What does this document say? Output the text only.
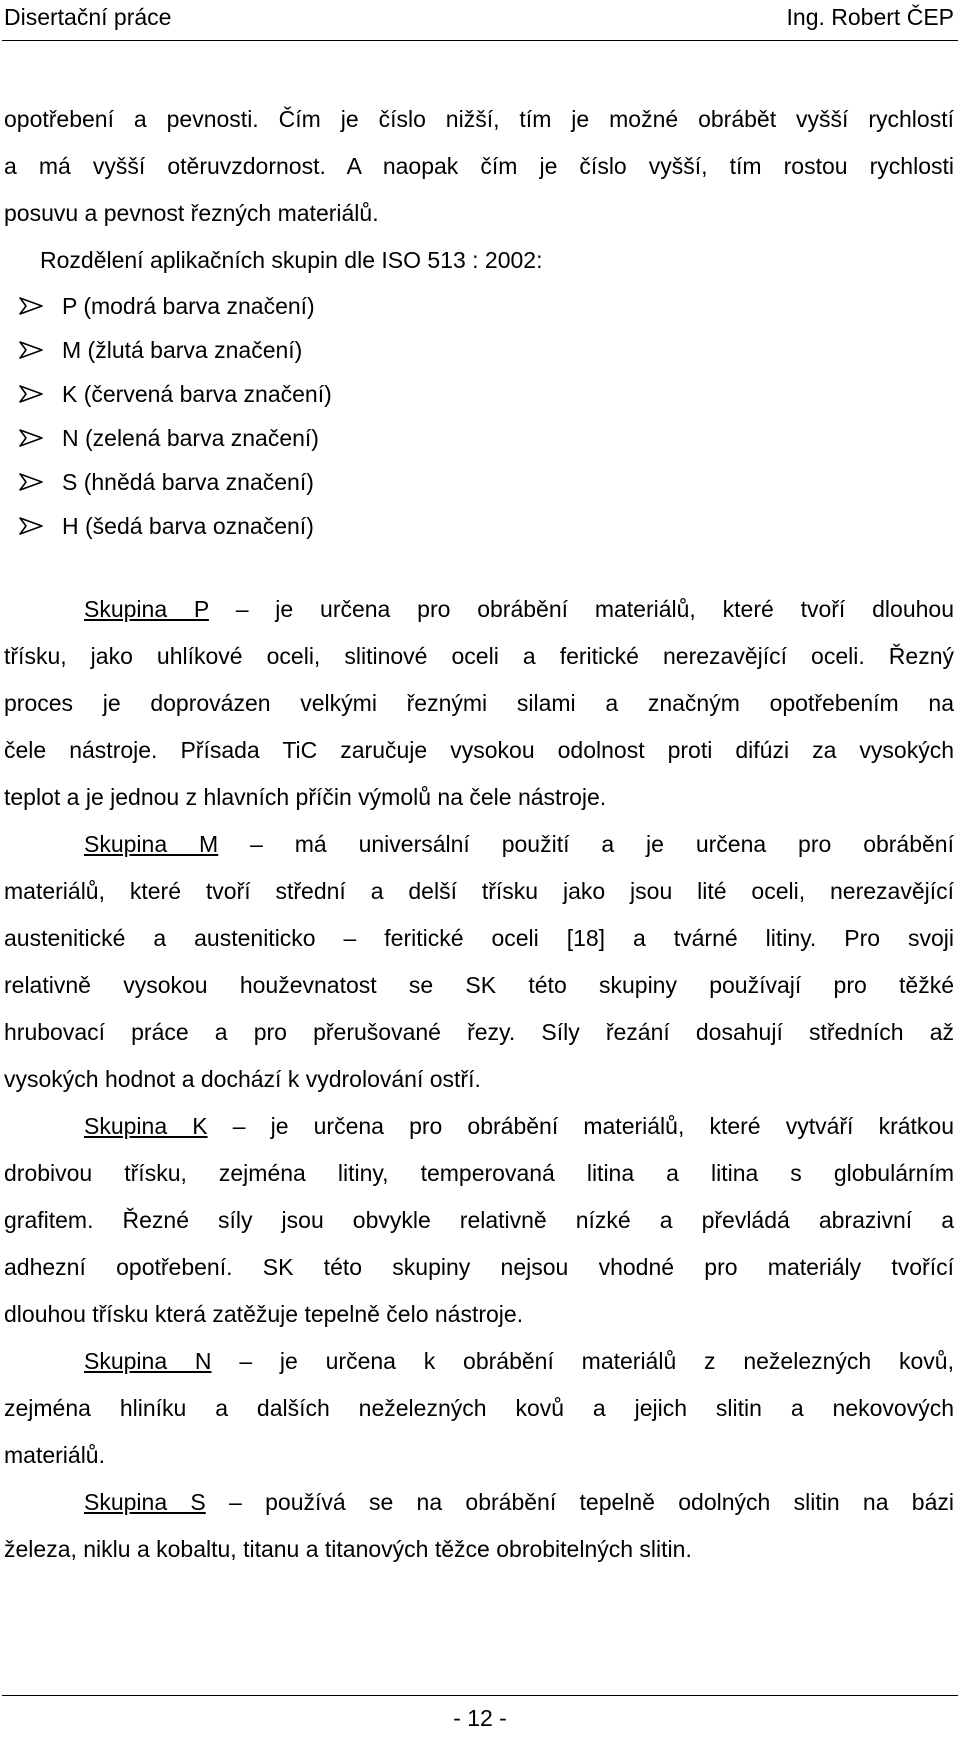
Disertační práce	Ing. Robert ČEP
opotřebení a pevnosti. Čím je číslo nižší, tím je možné obrábět vyšší rychlostí
a má vyšší otěruvzdornost. A naopak čím je číslo vyšší, tím rostou rychlosti
posuvu a pevnost řezných materiálů.
Rozdělení aplikačních skupin dle ISO 513 : 2002:
P (modrá barva značení)
M (žlutá barva značení)
K (červená barva značení)
N (zelená barva značení)
S (hnědá barva značení)
H (šedá barva označení)
Skupina P – je určena pro obrábění materiálů, které tvoří dlouhou
třísku, jako uhlíkové oceli, slitinové oceli a feritické nerezavějící oceli. Řezný
proces je doprovázen velkými řeznými silami a značným opotřebením na
čele nástroje. Přísada TiC zaručuje vysokou odolnost proti difúzi za vysokých
teplot a je jednou z hlavních příčin výmolů na čele nástroje.
Skupina M – má universální použití a je určena pro obrábění
materiálů, které tvoří střední a delší třísku jako jsou lité oceli, nerezavějící
austenitické a austeniticko – feritické oceli [18] a tvárné litiny. Pro svoji
relativně vysokou houževnatost se SK této skupiny používají pro těžké
hrubovací práce a pro přerušované řezy. Síly řezání dosahují středních až
vysokých hodnot a dochází k vydrolování ostří.
Skupina K – je určena pro obrábění materiálů, které vytváří krátkou
drobivou třísku, zejména litiny, temperovaná litina a litina s globulárním
grafitem. Řezné síly jsou obvykle relativně nízké a převládá abrazivní a
adhezní opotřebení. SK této skupiny nejsou vhodné pro materiály tvořící
dlouhou třísku která zatěžuje tepelně čelo nástroje.
Skupina N – je určena k obrábění materiálů z neželezných kovů,
zejména hliníku a dalších neželezných kovů a jejich slitin a nekovových
materiálů.
Skupina S – používá se na obrábění tepelně odolných slitin na bázi
železa, niklu a kobaltu, titanu a titanových těžce obrobitelných slitin.
- 12 -
